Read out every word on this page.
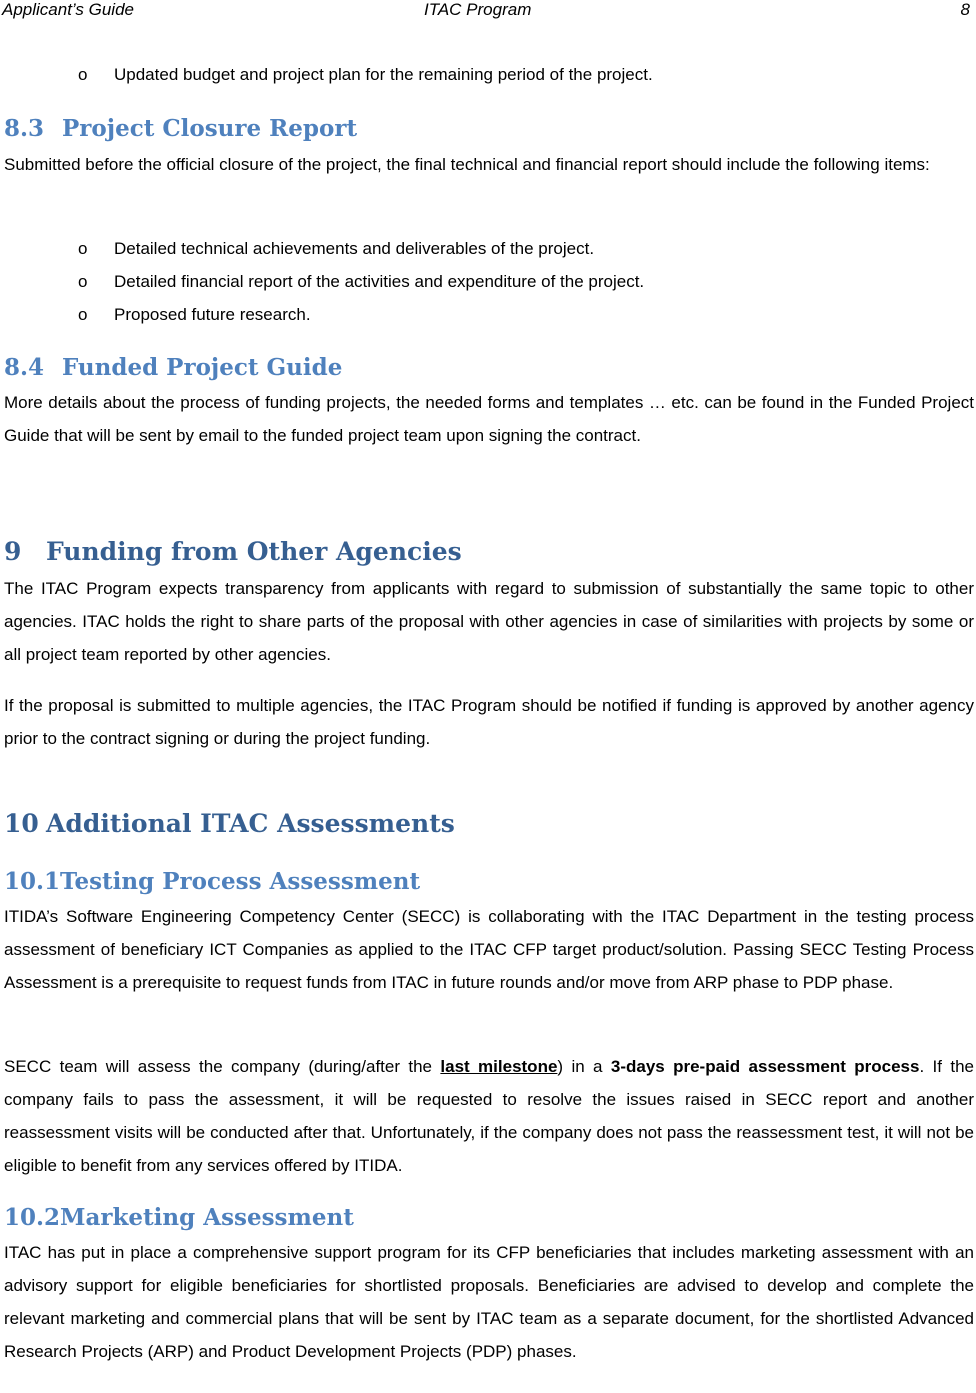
Applicant’s Guide	ITAC Program	8
o Updated budget and project plan for the remaining period of the project.
8.3 Project Closure Report

Submitted before the official closure of the project, the final technical and financial report should include the following items:

o Detailed technical achievements and deliverables of the project.
o Detailed financial report of the activities and expenditure of the project.
o Proposed future research.
8.4 Funded Project Guide

More details about the process of funding projects, the needed forms and templates … etc. can be found in the Funded Project Guide that will be sent by email to the funded project team upon signing the contract.

9 Funding from Other Agencies

The ITAC Program expects transparency from applicants with regard to submission of substantially the same topic to other agencies. ITAC holds the right to share parts of the proposal with other agencies in case of similarities with projects by some or all project team reported by other agencies.

If the proposal is submitted to multiple agencies, the ITAC Program should be notified if funding is approved by another agency prior to the contract signing or during the project funding.

10 Additional ITAC Assessments
10.1Testing Process Assessment

ITIDA’s Software Engineering Competency Center (SECC) is collaborating with the ITAC Department in the testing process assessment of beneficiary ICT Companies as applied to the ITAC CFP target product/solution. Passing SECC Testing Process Assessment is a prerequisite to request funds from ITAC in future rounds and/or move from ARP phase to PDP phase.

SECC team will assess the company (during/after the last milestone) in a 3-days pre-paid assessment process. If the company fails to pass the assessment, it will be requested to resolve the issues raised in SECC report and another reassessment visits will be conducted after that. Unfortunately, if the company does not pass the reassessment test, it will not be eligible to benefit from any services offered by ITIDA.

10.2Marketing Assessment

ITAC has put in place a comprehensive support program for its CFP beneficiaries that includes marketing assessment with an advisory support for eligible beneficiaries for shortlisted proposals. Beneficiaries are advised to develop and complete the relevant marketing and commercial plans that will be sent by ITAC team as a separate document, for the shortlisted Advanced Research Projects (ARP) and Product Development Projects (PDP) phases.
